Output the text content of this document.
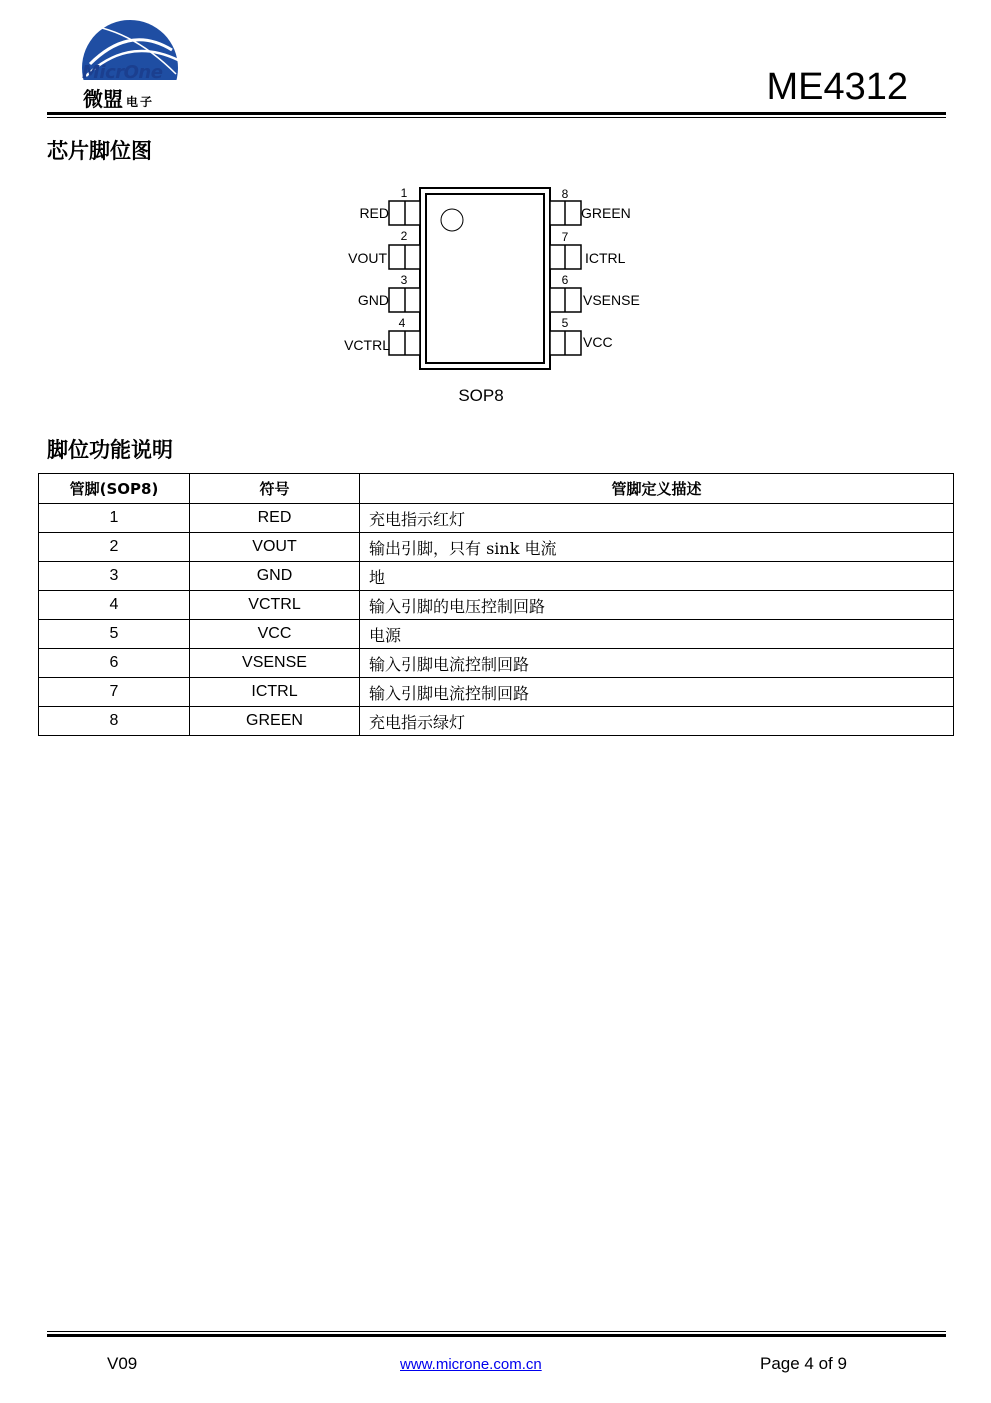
MicrOne
微盟 电子	ME4312
芯片脚位图
1
RED
2
VOUT
3
GND
4
VCTRL
8
GREEN
7
ICTRL
6
VSENSE
5
VCC
SOP8
脚位功能说明
管脚(SOP8)	符号	管脚定义描述
1	RED	充电指示红灯
2	VOUT	输出引脚，只有 sink 电流
3	GND	地
4	VCTRL	输入引脚的电压控制回路
5	VCC	电源
6	VSENSE	输入引脚电流控制回路
7	ICTRL	输入引脚电流控制回路
8	GREEN	充电指示绿灯
V09	www.microne.com.cn	Page 4 of 9
